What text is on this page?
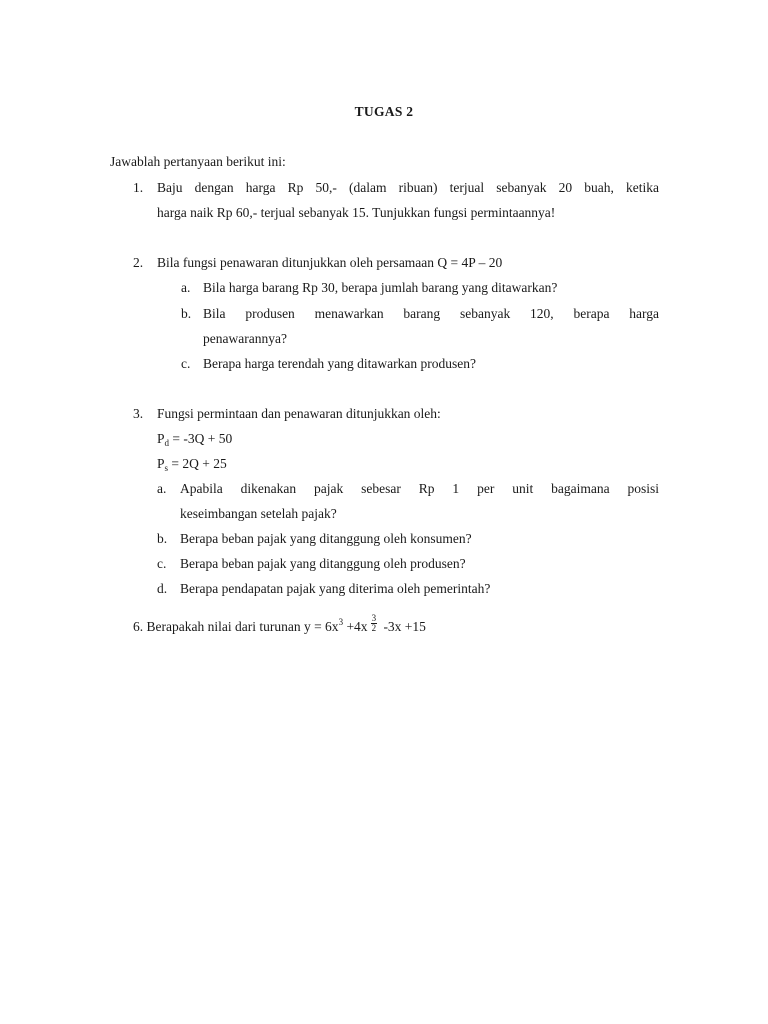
TUGAS 2
Jawablah pertanyaan berikut ini:
1. Baju dengan harga Rp 50,- (dalam ribuan) terjual sebanyak 20 buah, ketika
harga naik Rp 60,- terjual sebanyak 15. Tunjukkan fungsi permintaannya!
2. Bila fungsi penawaran ditunjukkan oleh persamaan Q = 4P – 20
a. Bila harga barang Rp 30, berapa jumlah barang yang ditawarkan?
b. Bila produsen menawarkan barang sebanyak 120, berapa harga
penawarannya?
c. Berapa harga terendah yang ditawarkan produsen?
3. Fungsi permintaan dan penawaran ditunjukkan oleh:
$P_d = -3Q + 50$
$P_s = 2Q + 25$
a. Apabila dikenakan pajak sebesar Rp 1 per unit bagaimana posisi
keseimbangan setelah pajak?
b. Berapa beban pajak yang ditanggung oleh konsumen?
c. Berapa beban pajak yang ditanggung oleh produsen?
d. Berapa pendapatan pajak yang diterima oleh pemerintah?
6. Berapakah nilai dari turunan $y = 6x^3 +4x \frac{3}{2} -3x +15$
